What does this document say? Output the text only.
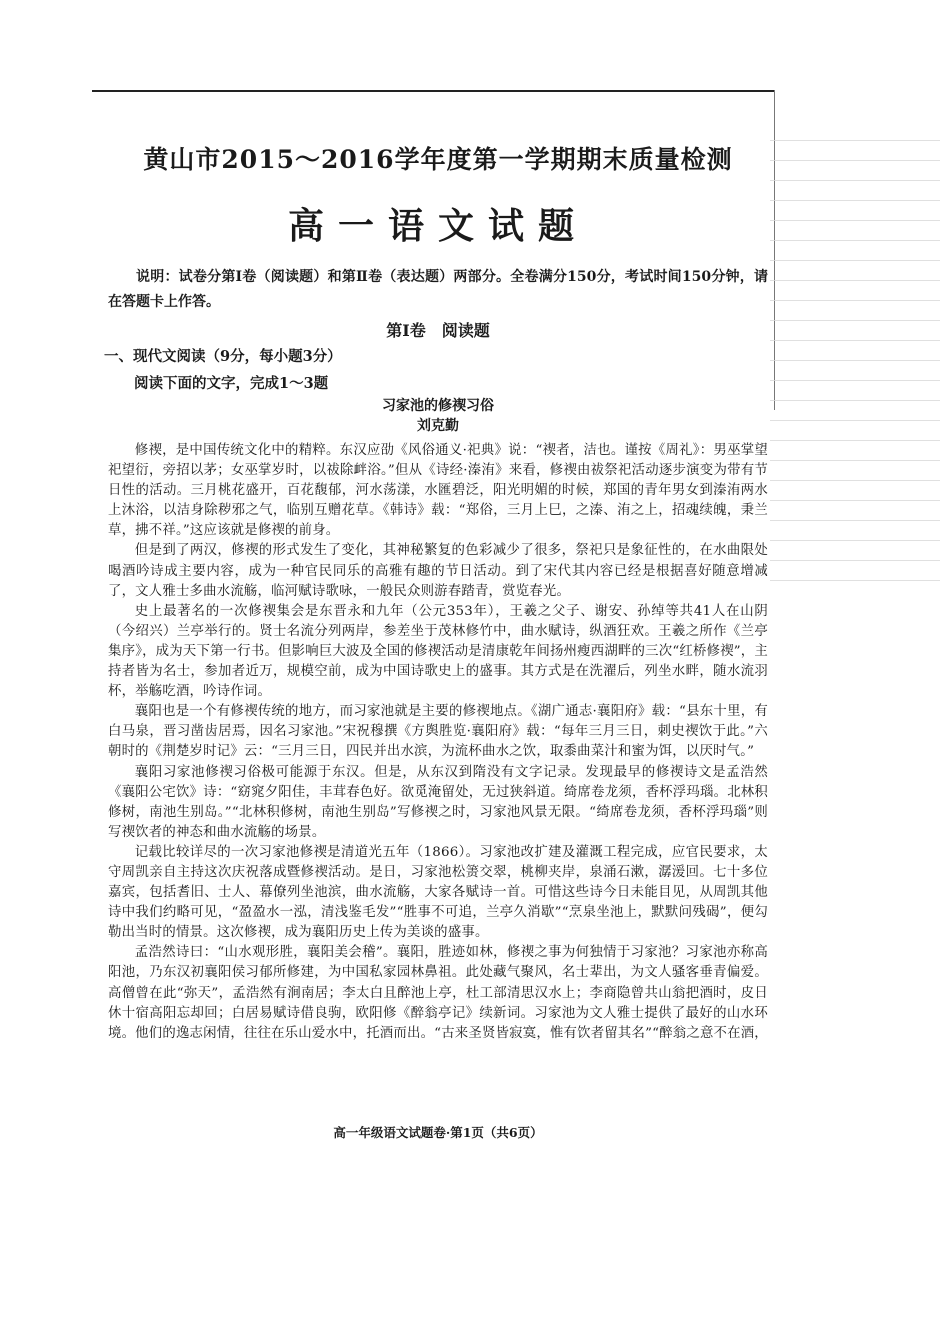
黄山市2015～2016学年度第一学期期末质量检测
高一语文试题

说明：试卷分第Ⅰ卷（阅读题）和第Ⅱ卷（表达题）两部分。全卷满分150分，考试时间150分钟，请在答题卡上作答。

第Ⅰ卷　阅读题
一、现代文阅读（9分，每小题3分）
阅读下面的文字，完成1～3题
习家池的修禊习俗
刘克勤

修禊，是中国传统文化中的精粹。东汉应劭《风俗通义·祀典》说：“禊者，洁也。谨按《周礼》：男巫掌望祀望衍，旁招以茅；女巫掌岁时，以祓除衅浴。”但从《诗经·溱洧》来看，修禊由祓祭祀活动逐步演变为带有节日性的活动。三月桃花盛开，百花馥郁，河水荡漾，水匯碧泛，阳光明媚的时候，郑国的青年男女到溱洧两水上沐浴，以洁身除秽邪之气，临别互赠花草。《韩诗》载：“郑俗，三月上巳，之溱、洧之上，招魂续魄，秉兰草，拂不祥。”这应该就是修禊的前身。

但是到了两汉，修禊的形式发生了变化，其神秘繁复的色彩减少了很多，祭祀只是象征性的，在水曲限处喝酒吟诗成主要内容，成为一种官民同乐的高雅有趣的节日活动。到了宋代其内容已经是根据喜好随意增减了，文人雅士多曲水流觞，临河赋诗歌咏，一般民众则游春踏青，赏览春光。

史上最著名的一次修禊集会是东晋永和九年（公元353年），王羲之父子、谢安、孙绰等共41人在山阴（今绍兴）兰亭举行的。贤士名流分列两岸，参差坐于茂林修竹中，曲水赋诗，纵酒狂欢。王羲之所作《兰亭集序》，成为天下第一行书。但影响巨大波及全国的修禊活动是清康乾年间扬州瘦西湖畔的三次“红桥修禊”，主持者皆为名士，参加者近万，规模空前，成为中国诗歌史上的盛事。其方式是在洗濯后，列坐水畔，随水流羽杯，举觞吃酒，吟诗作词。

襄阳也是一个有修禊传统的地方，而习家池就是主要的修禊地点。《湖广通志·襄阳府》载：“县东十里，有白马泉，晋习凿齿居焉，因名习家池。”宋祝穆撰《方舆胜览·襄阳府》载：“每年三月三日，刺史禊饮于此。”六朝时的《荆楚岁时记》云：“三月三日，四民并出水滨，为流杯曲水之饮，取黍曲菜汁和蜜为饵，以厌时气。”

襄阳习家池修禊习俗极可能源于东汉。但是，从东汉到隋没有文字记录。发现最早的修禊诗文是孟浩然《襄阳公宅饮》诗：“窈窕夕阳佳，丰茸春色好。欲觅淹留处，无过狭斜道。绮席卷龙须，香杯浮玛瑙。北林积修树，南池生别岛。”“北林积修树，南池生别岛”写修禊之时，习家池风景无限。“绮席卷龙须，香杯浮玛瑙”则写禊饮者的神态和曲水流觞的场景。

记载比较详尽的一次习家池修禊是清道光五年（1866）。习家池改扩建及灌溉工程完成，应官民要求，太守周凯亲自主持这次庆祝落成暨修禊活动。是日，习家池松箦交翠，桃柳夹岸，泉涌石漱，潺湲回。七十多位嘉宾，包括耆旧、士人、幕僚列坐池滨，曲水流觞，大家各赋诗一首。可惜这些诗今日未能目见，从周凯其他诗中我们约略可见，“盈盈水一泓，清浅鉴毛发”“胜事不可追，兰亭久消歇”“烹泉坐池上，默默问残碣”，便勾勒出当时的情景。这次修禊，成为襄阳历史上传为美谈的盛事。

孟浩然诗曰：“山水观形胜，襄阳美会稽”。襄阳，胜迹如林，修禊之事为何独情于习家池？习家池亦称高阳池，乃东汉初襄阳侯习郁所修建，为中国私家园林鼻祖。此处藏气聚风，名士辈出，为文人骚客垂青偏爱。高僧曾在此“弥天”，孟浩然有涧南居；李太白且醉池上亭，杜工部清思汉水上；李商隐曾共山翁把酒时，皮日休十宿高阳忘却回；白居易赋诗借良驹，欧阳修《醉翁亭记》续新词。习家池为文人雅士提供了最好的山水环境。他们的逸志闲情，往往在乐山爱水中，托酒而出。“古来圣贤皆寂寞，惟有饮者留其名”“醉翁之意不在酒，

高一年级语文试题卷·第1页（共6页）
